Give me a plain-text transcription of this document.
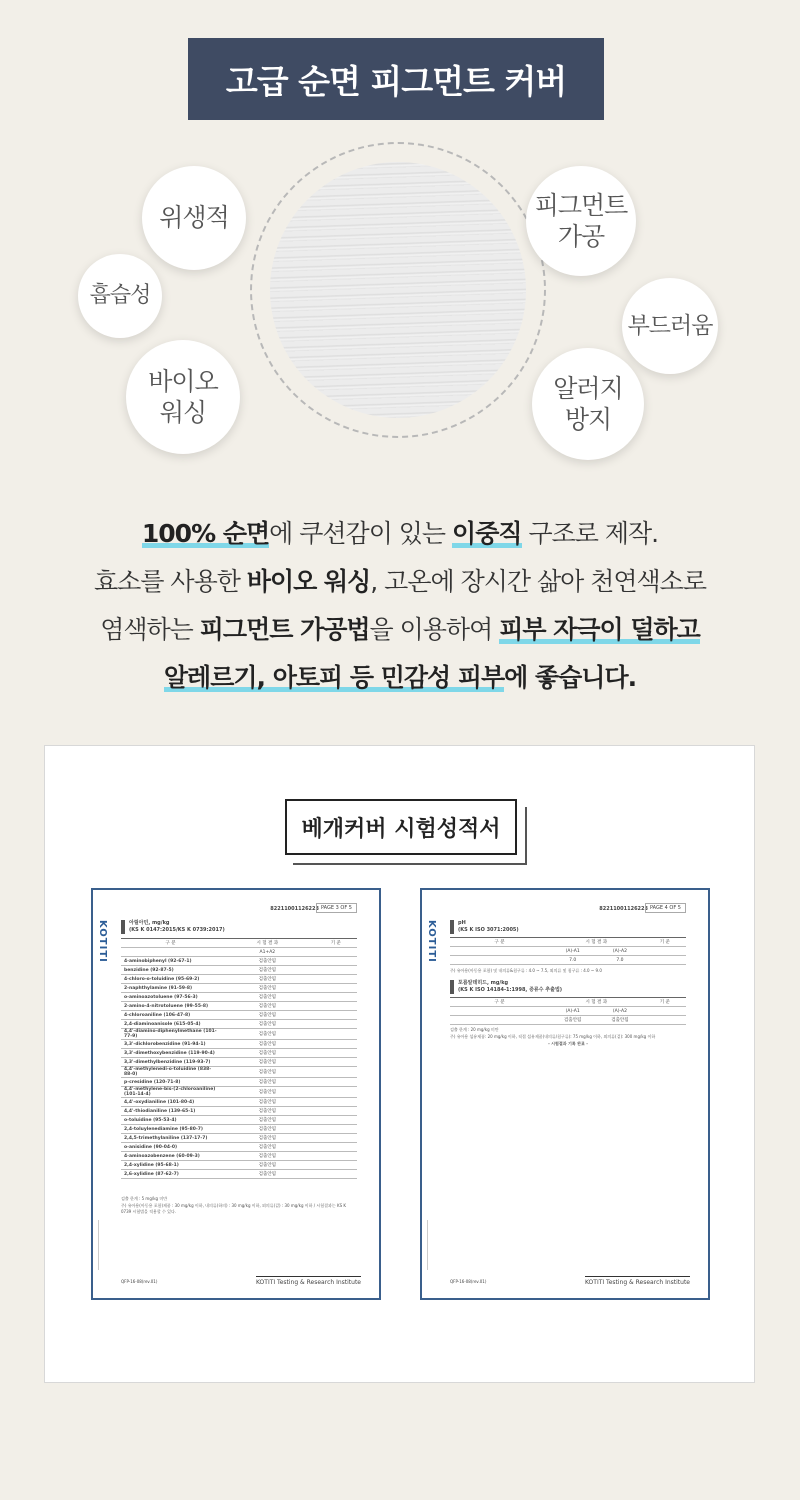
고급 순면 피그먼트 커버
위생적
흡습성
바이오
워싱
피그먼트
가공
부드러움
알러지
방지
100% 순면에 쿠션감이 있는 이중직 구조로 제작.
효소를 사용한 바이오 워싱, 고온에 장시간 삶아 천연색소로
염색하는 피그먼트 가공법을 이용하여 피부 자극이 덜하고
알레르기, 아토피 등 민감성 피부에 좋습니다.
베개커버 시험성적서
KOTITI
82211001126223 PAGE 3 OF 5
아릴아민, mg/kg
(KS K 0147:2015/KS K 0739:2017)
구 분	시 험 결 과	기 준
	A1+A2	
4-aminobiphenyl (92-67-1)	검출안됨	
benzidine (92-87-5)	검출안됨	
4-chloro-o-toluidine (95-69-2)	검출안됨	
2-naphthylamine (91-59-8)	검출안됨	
o-aminoazotoluene (97-56-3)	검출안됨	
2-amino-4-nitrotoluene (99-55-8)	검출안됨	
4-chloroaniline (106-47-8)	검출안됨	
2,4-diaminoanisole (615-05-4)	검출안됨	
4,4'-diamino-diphenylmethane (101-77-9)	검출안됨	
3,3'-dichlorobenzidine (91-94-1)	검출안됨	
3,3'-dimethoxybenzidine (119-90-4)	검출안됨	
3,3'-dimethylbenzidine (119-93-7)	검출안됨	
4,4'-methylenedi-o-toluidine (838-88-0)	검출안됨	
p-cresidine (120-71-8)	검출안됨	
4,4'-methylene-bis-(2-chloroaniline) (101-14-4)	검출안됨	
4,4'-oxydianiline (101-80-4)	검출안됨	
4,4'-thiodianiline (139-65-1)	검출안됨	
o-toluidine (95-53-4)	검출안됨	
2,4-toluylenediamine (95-80-7)	검출안됨	
2,4,5-trimethylaniline (137-17-7)	검출안됨	
o-anisidine (90-04-0)	검출안됨	
4-aminoazobenzene (60-09-3)	검출안됨	
2,4-xylidine (95-68-1)	검출안됨	
2,6-xylidine (87-62-7)	검출안됨	
검출 한계 : 5 mg/kg 미만
주) 유아용(아동용 포함)제품 : 30 mg/kg 이하, 내의류(하의) : 30 mg/kg 이하, 외의류(겉) : 30 mg/kg 이하 / 시험결과는 KS K 0739 시험법을 적용할 수 있다.
QFP-16-08(rev.01)	KOTITI Testing & Research Institute
KOTITI
82211001126223 PAGE 4 OF 5
pH
(KS K ISO 3071:2005)
구 분	시 험 결 과		기 준
	(A)-A1	(A)-A2	
	7.0	7.0	
주) 유아용(아동용 포함) 및 내의류&침구류 : 4.0 ~ 7.5, 외의류 및 침구류 : 4.0 ~ 9.0
포름알데히드, mg/kg
(KS K ISO 14184-1:1998, 증류수 추출법)
구 분	시 험 결 과		기 준
	(A)-A1	(A)-A2	
	검출안됨	검출안됨	
검출 한계 : 20 mg/kg 미만
주) 유아용 섬유제품: 20 mg/kg 이하, 직접 섬유제품(내의류/침구류): 75 mg/kg 이하, 외의류(겉): 300 mg/kg 이하
- 시험결과 기록 완료 -
QFP-16-08(rev.01)	KOTITI Testing & Research Institute
